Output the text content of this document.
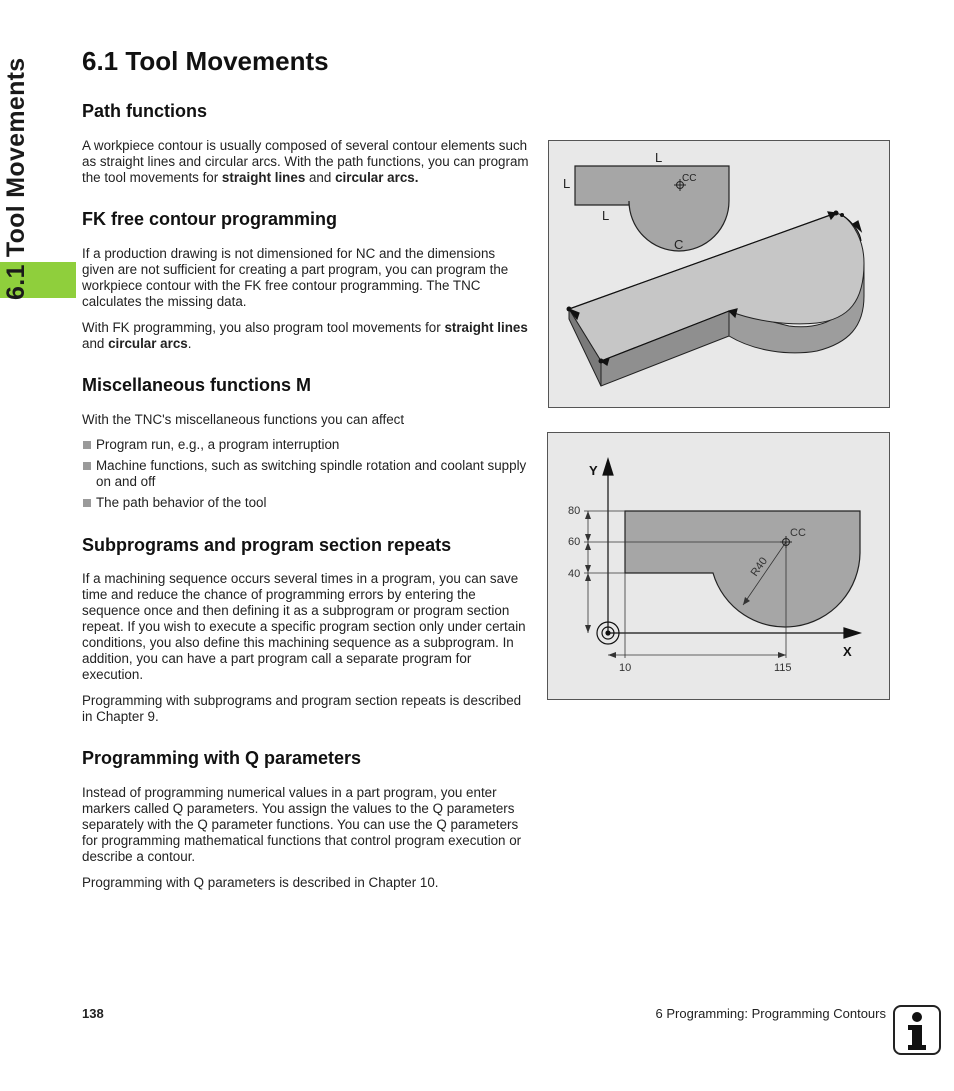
6.1 Tool Movements 6.1 Tool Movements
Path functions

A workpiece contour is usually composed of several contour elements such as straight lines and circular arcs. With the path functions, you can program the tool movements for straight lines and circular arcs.

FK free contour programming

If a production drawing is not dimensioned for NC and the dimensions given are not sufficient for creating a part program, you can program the workpiece contour with the FK free contour programming. The TNC calculates the missing data.

With FK programming, you also program tool movements for straight lines and circular arcs.

Miscellaneous functions M

With the TNC's miscellaneous functions you can affect

Program run, e.g., a program interruption
Machine functions, such as switching spindle rotation and coolant supply on and off
The path behavior of the tool
Subprograms and program section repeats

If a machining sequence occurs several times in a program, you can save time and reduce the chance of programming errors by entering the sequence once and then defining it as a subprogram or program section repeat. If you wish to execute a specific program section only under certain conditions, you also define this machining sequence as a subprogram. In addition, you can have a part program call a separate program for execution.

Programming with subprograms and program section repeats is described in Chapter 9.

Programming with Q parameters

Instead of programming numerical values in a part program, you enter markers called Q parameters. You assign the values to the Q parameters separately with the Q parameter functions. You can use the Q parameters for programming mathematical functions that control program execution or describe a contour.

Programming with Q parameters is described in Chapter 10.

L
L
L
C
CC
Y
X
CC
R40
80
60
40
10	115
138	6 Programming: Programming Contours
